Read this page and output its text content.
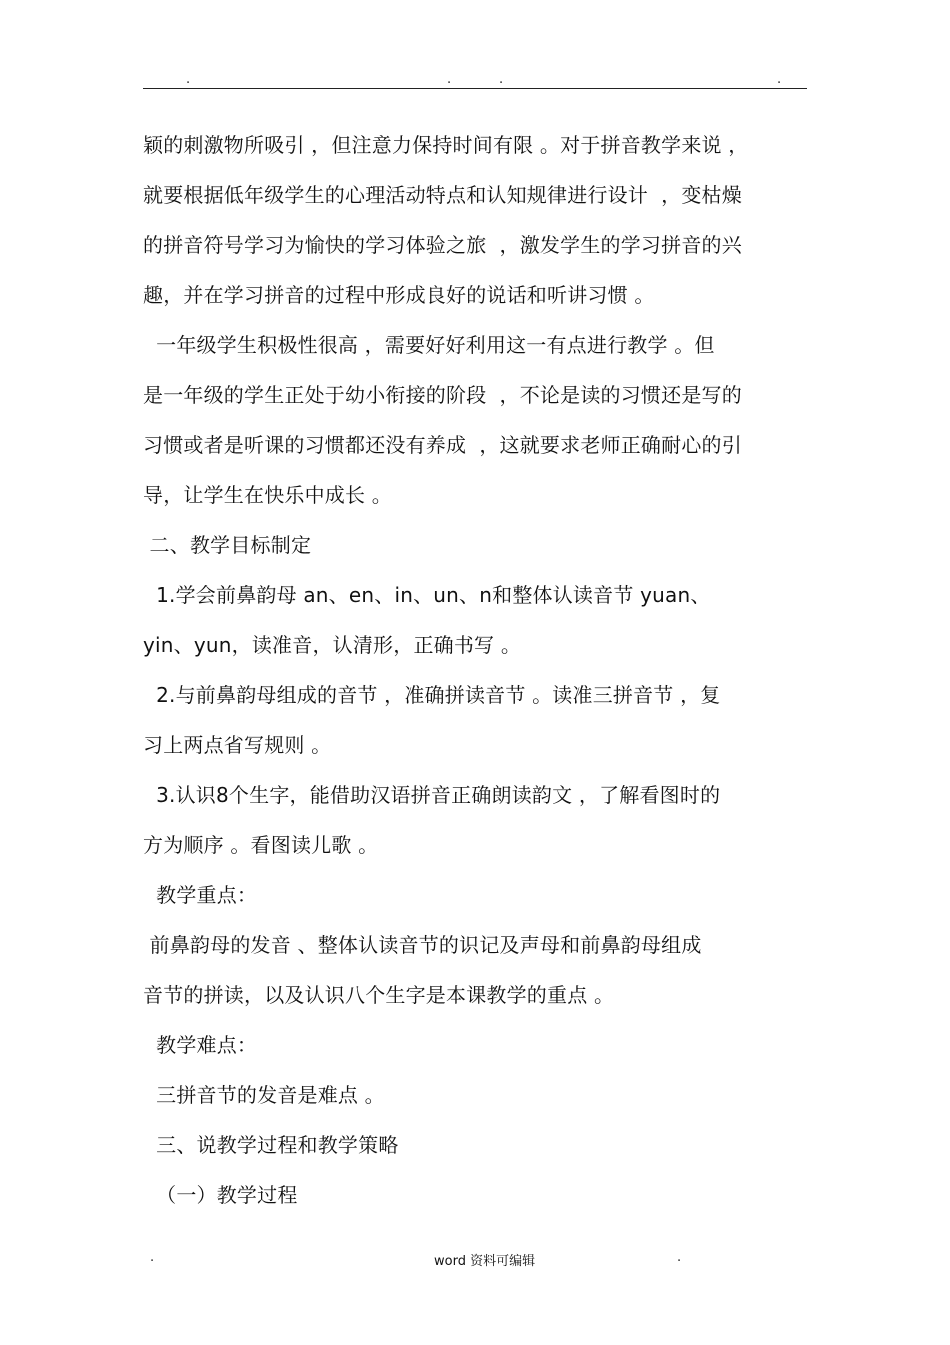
.	.	.	.
颖的刺激物所吸引 ，但注意力保持时间有限 。对于拼音教学来说 ，
就要根据低年级学生的心理活动特点和认知规律进行设计  ，变枯燥
的拼音符号学习为愉快的学习体验之旅  ，激发学生的学习拼音的兴
趣，并在学习拼音的过程中形成良好的说话和听讲习惯 。
一年级学生积极性很高 ，需要好好利用这一有点进行教学 。但
是一年级的学生正处于幼小衔接的阶段  ，不论是读的习惯还是写的
习惯或者是听课的习惯都还没有养成  ，这就要求老师正确耐心的引
导，让学生在快乐中成长 。
二、教学目标制定
1.学会前鼻韵母 an、en、in、un、n和整体认读音节 yuan、
yin、yun，读准音，认清形，正确书写 。
2.与前鼻韵母组成的音节 ，准确拼读音节 。读准三拼音节 ，复
习上两点省写规则 。
3.认识8个生字，能借助汉语拼音正确朗读韵文 ，了解看图时的
方为顺序 。看图读儿歌 。
教学重点：
前鼻韵母的发音 、整体认读音节的识记及声母和前鼻韵母组成
音节的拼读，以及认识八个生字是本课教学的重点 。
教学难点：
三拼音节的发音是难点 。
三、说教学过程和教学策略
（一）教学过程
.	word 资料可编辑	.
